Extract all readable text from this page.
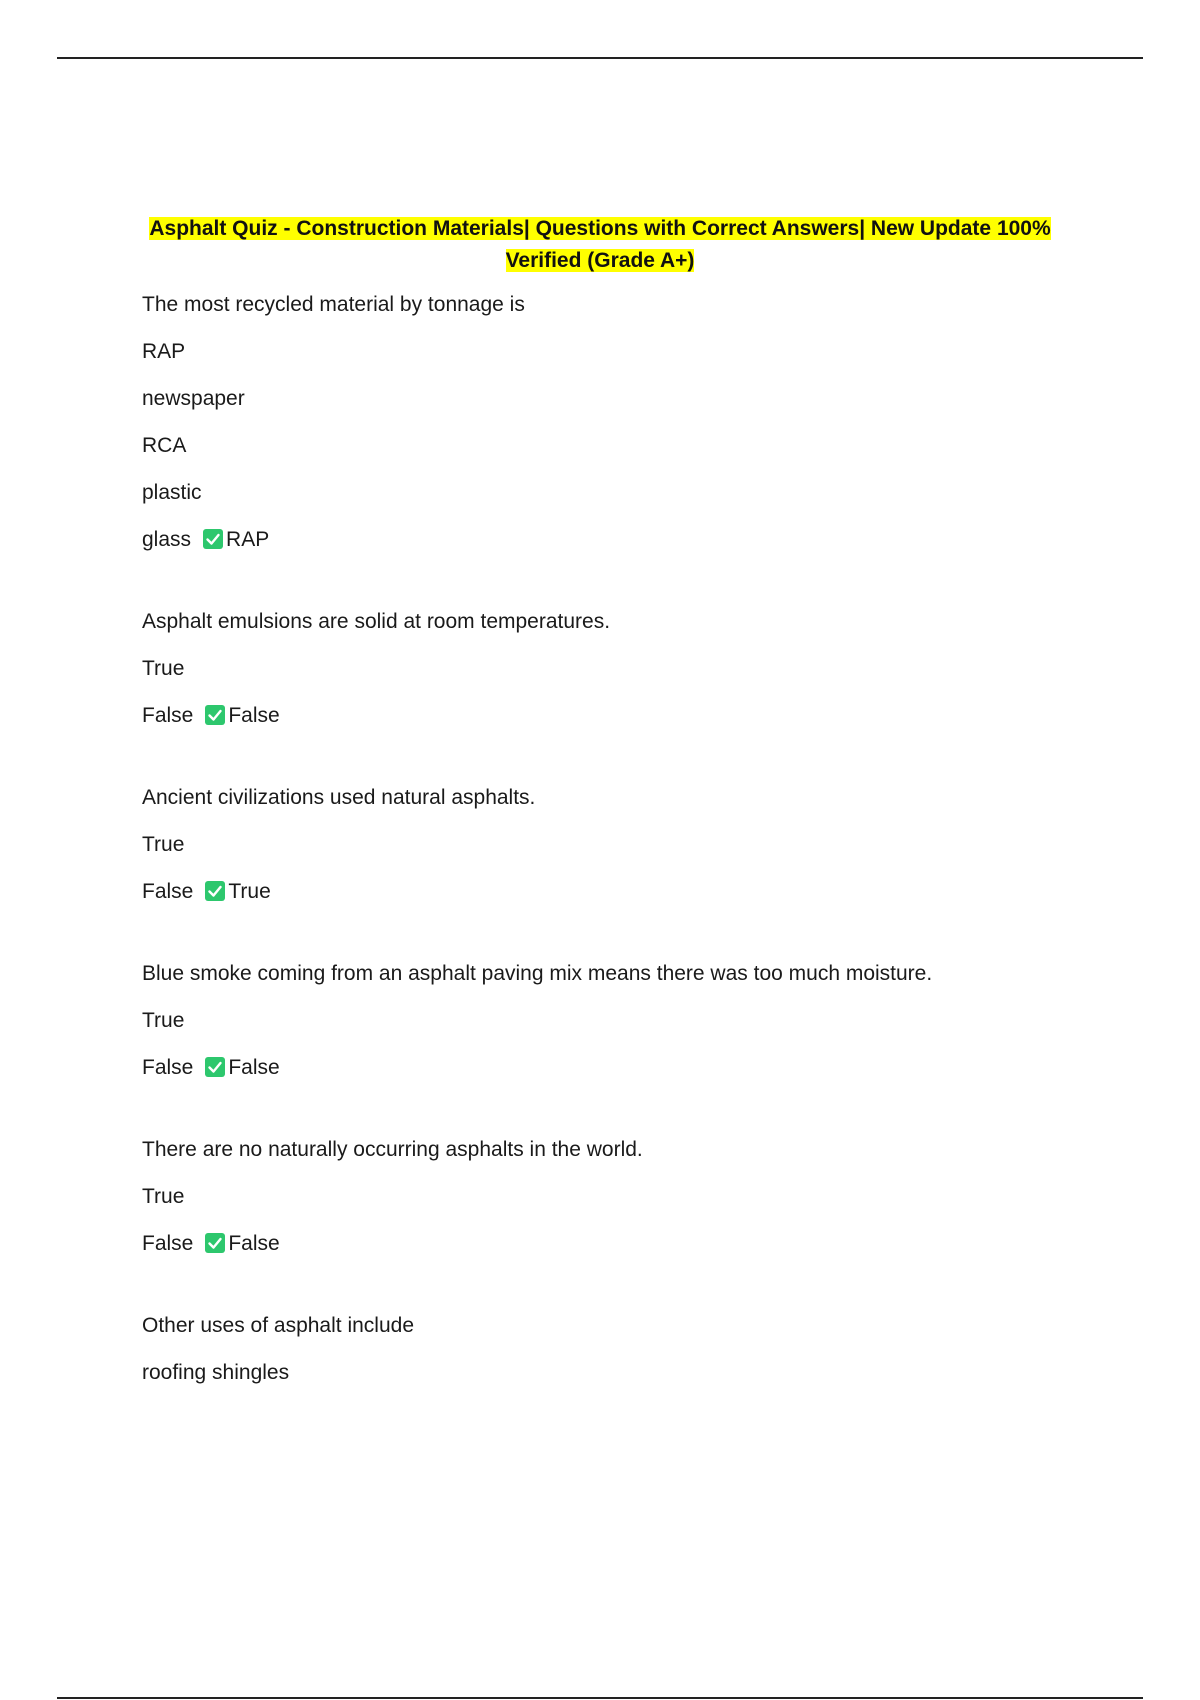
Asphalt Quiz - Construction Materials| Questions with Correct Answers| New Update 100%
Verified (Grade A+)
The most recycled material by tonnage is
RAP
newspaper
RCA
plastic
glass RAP
Asphalt emulsions are solid at room temperatures.
True
False False
Ancient civilizations used natural asphalts.
True
False True
Blue smoke coming from an asphalt paving mix means there was too much moisture.
True
False False
There are no naturally occurring asphalts in the world.
True
False False
Other uses of asphalt include
roofing shingles
